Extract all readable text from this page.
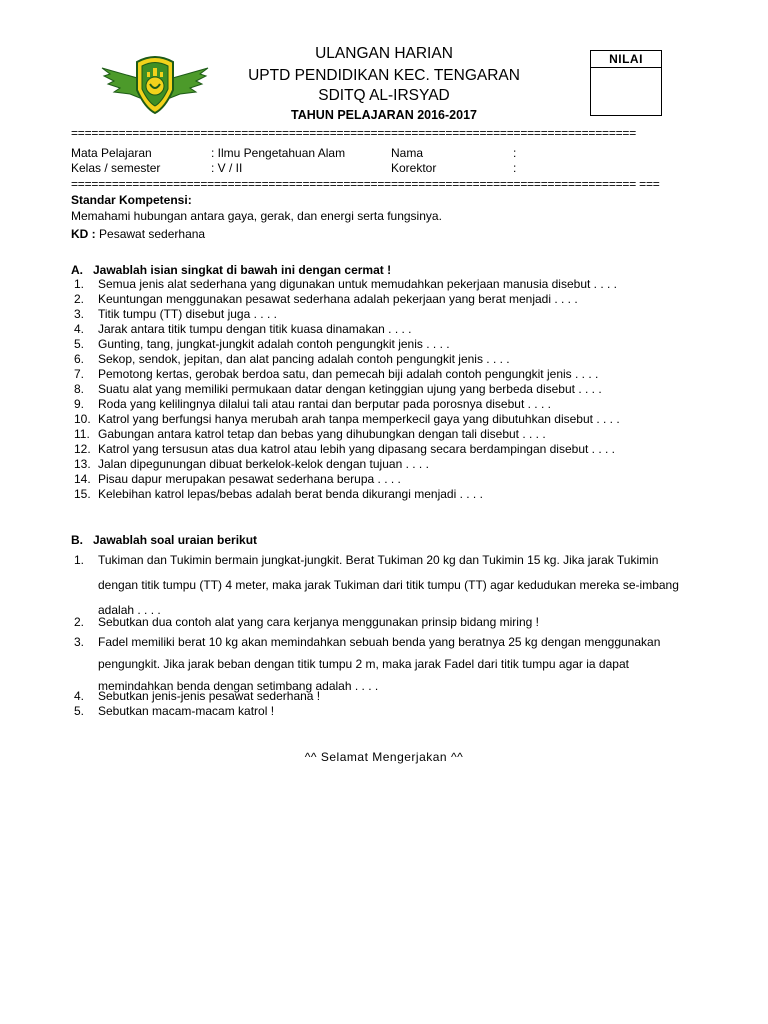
ULANGAN HARIAN
UPTD PENDIDIKAN KEC. TENGARAN
SDITQ AL-IRSYAD
TAHUN PELAJARAN 2016-2017
NILAI
===================================================================================
Mata Pelajaran	: Ilmu Pengetahuan Alam	Nama	:
Kelas / semester	: V / II	Korektor	:
=================================================================================== ===
Standar Kompetensi:
Memahami hubungan antara gaya, gerak, dan energi serta fungsinya.
KD : Pesawat sederhana
A. Jawablah isian singkat di bawah ini dengan cermat !
1.	Semua jenis alat sederhana yang digunakan untuk memudahkan pekerjaan manusia disebut . . . .
2.	Keuntungan menggunakan pesawat sederhana adalah pekerjaan yang berat menjadi . . . .
3.	Titik tumpu (TT) disebut juga . . . .
4.	Jarak antara titik tumpu dengan titik kuasa dinamakan . . . .
5.	Gunting, tang, jungkat-jungkit adalah contoh pengungkit jenis . . . .
6.	Sekop, sendok, jepitan, dan alat pancing adalah contoh pengungkit jenis . . . .
7.	Pemotong kertas, gerobak berdoa satu, dan pemecah biji adalah contoh pengungkit jenis . . . .
8.	Suatu alat yang memiliki permukaan datar dengan ketinggian ujung yang berbeda disebut . . . .
9.	Roda yang kelilingnya dilalui tali atau rantai dan berputar pada porosnya disebut . . . .
10. Katrol yang berfungsi hanya merubah arah tanpa memperkecil gaya yang dibutuhkan disebut . . . .
11. Gabungan antara katrol tetap dan bebas yang dihubungkan dengan tali disebut . . . .
12. Katrol yang tersusun atas dua katrol atau lebih yang dipasang secara berdampingan disebut . . . .
13. Jalan dipegunungan dibuat berkelok-kelok dengan tujuan . . . .
14. Pisau dapur merupakan pesawat sederhana berupa . . . .
15. Kelebihan katrol lepas/bebas adalah berat benda dikurangi menjadi . . . .
B. Jawablah soal uraian berikut
1.	Tukiman dan Tukimin bermain jungkat-jungkit. Berat Tukiman 20 kg dan Tukimin 15 kg. Jika jarak Tukimin dengan titik tumpu (TT) 4 meter, maka jarak Tukiman dari titik tumpu (TT) agar kedudukan mereka se-imbang adalah . . . .
2.	Sebutkan dua contoh alat yang cara kerjanya menggunakan prinsip bidang miring !
3.	Fadel memiliki berat 10 kg akan memindahkan sebuah benda yang beratnya 25 kg dengan menggunakan pengungkit. Jika jarak beban dengan titik tumpu 2 m, maka jarak Fadel dari titik tumpu agar ia dapat memindahkan benda dengan setimbang adalah . . . .
4.	Sebutkan jenis-jenis pesawat sederhana !
5.	Sebutkan macam-macam katrol !
^^ Selamat Mengerjakan ^^
